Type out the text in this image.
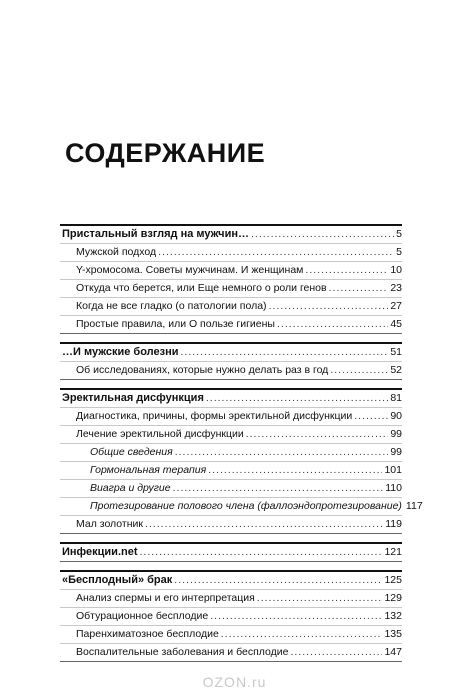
СОДЕРЖАНИЕ
Пристальный взгляд на мужчин… .....	5
Мужской подход .....	5
Y-хромосома. Советы мужчинам. И женщинам .....	10
Откуда что берется, или Еще немного о роли генов .....	23
Когда не все гладко (о патологии пола) .....	27
Простые правила, или О пользе гигиены .....	45
…И мужские болезни .....	51
Об исследованиях, которые нужно делать раз в год .....	52
Эректильная дисфункция .....	81
Диагностика, причины, формы эректильной дисфункции .....	90
Лечение эректильной дисфункции .....	99
Общие сведения .....	99
Гормональная терапия .....	101
Виагра и другие .....	110
Протезирование полового члена (фаллоэндопротезирование) 117
Мал золотник .....	119
Инфекции.net .....	121
«Бесплодный» брак .....	125
Анализ спермы и его интерпретация .....	129
Обтурационное бесплодие .....	132
Паренхиматозное бесплодие .....	135
Воспалительные заболевания и бесплодие .....	147
OZON.ru
